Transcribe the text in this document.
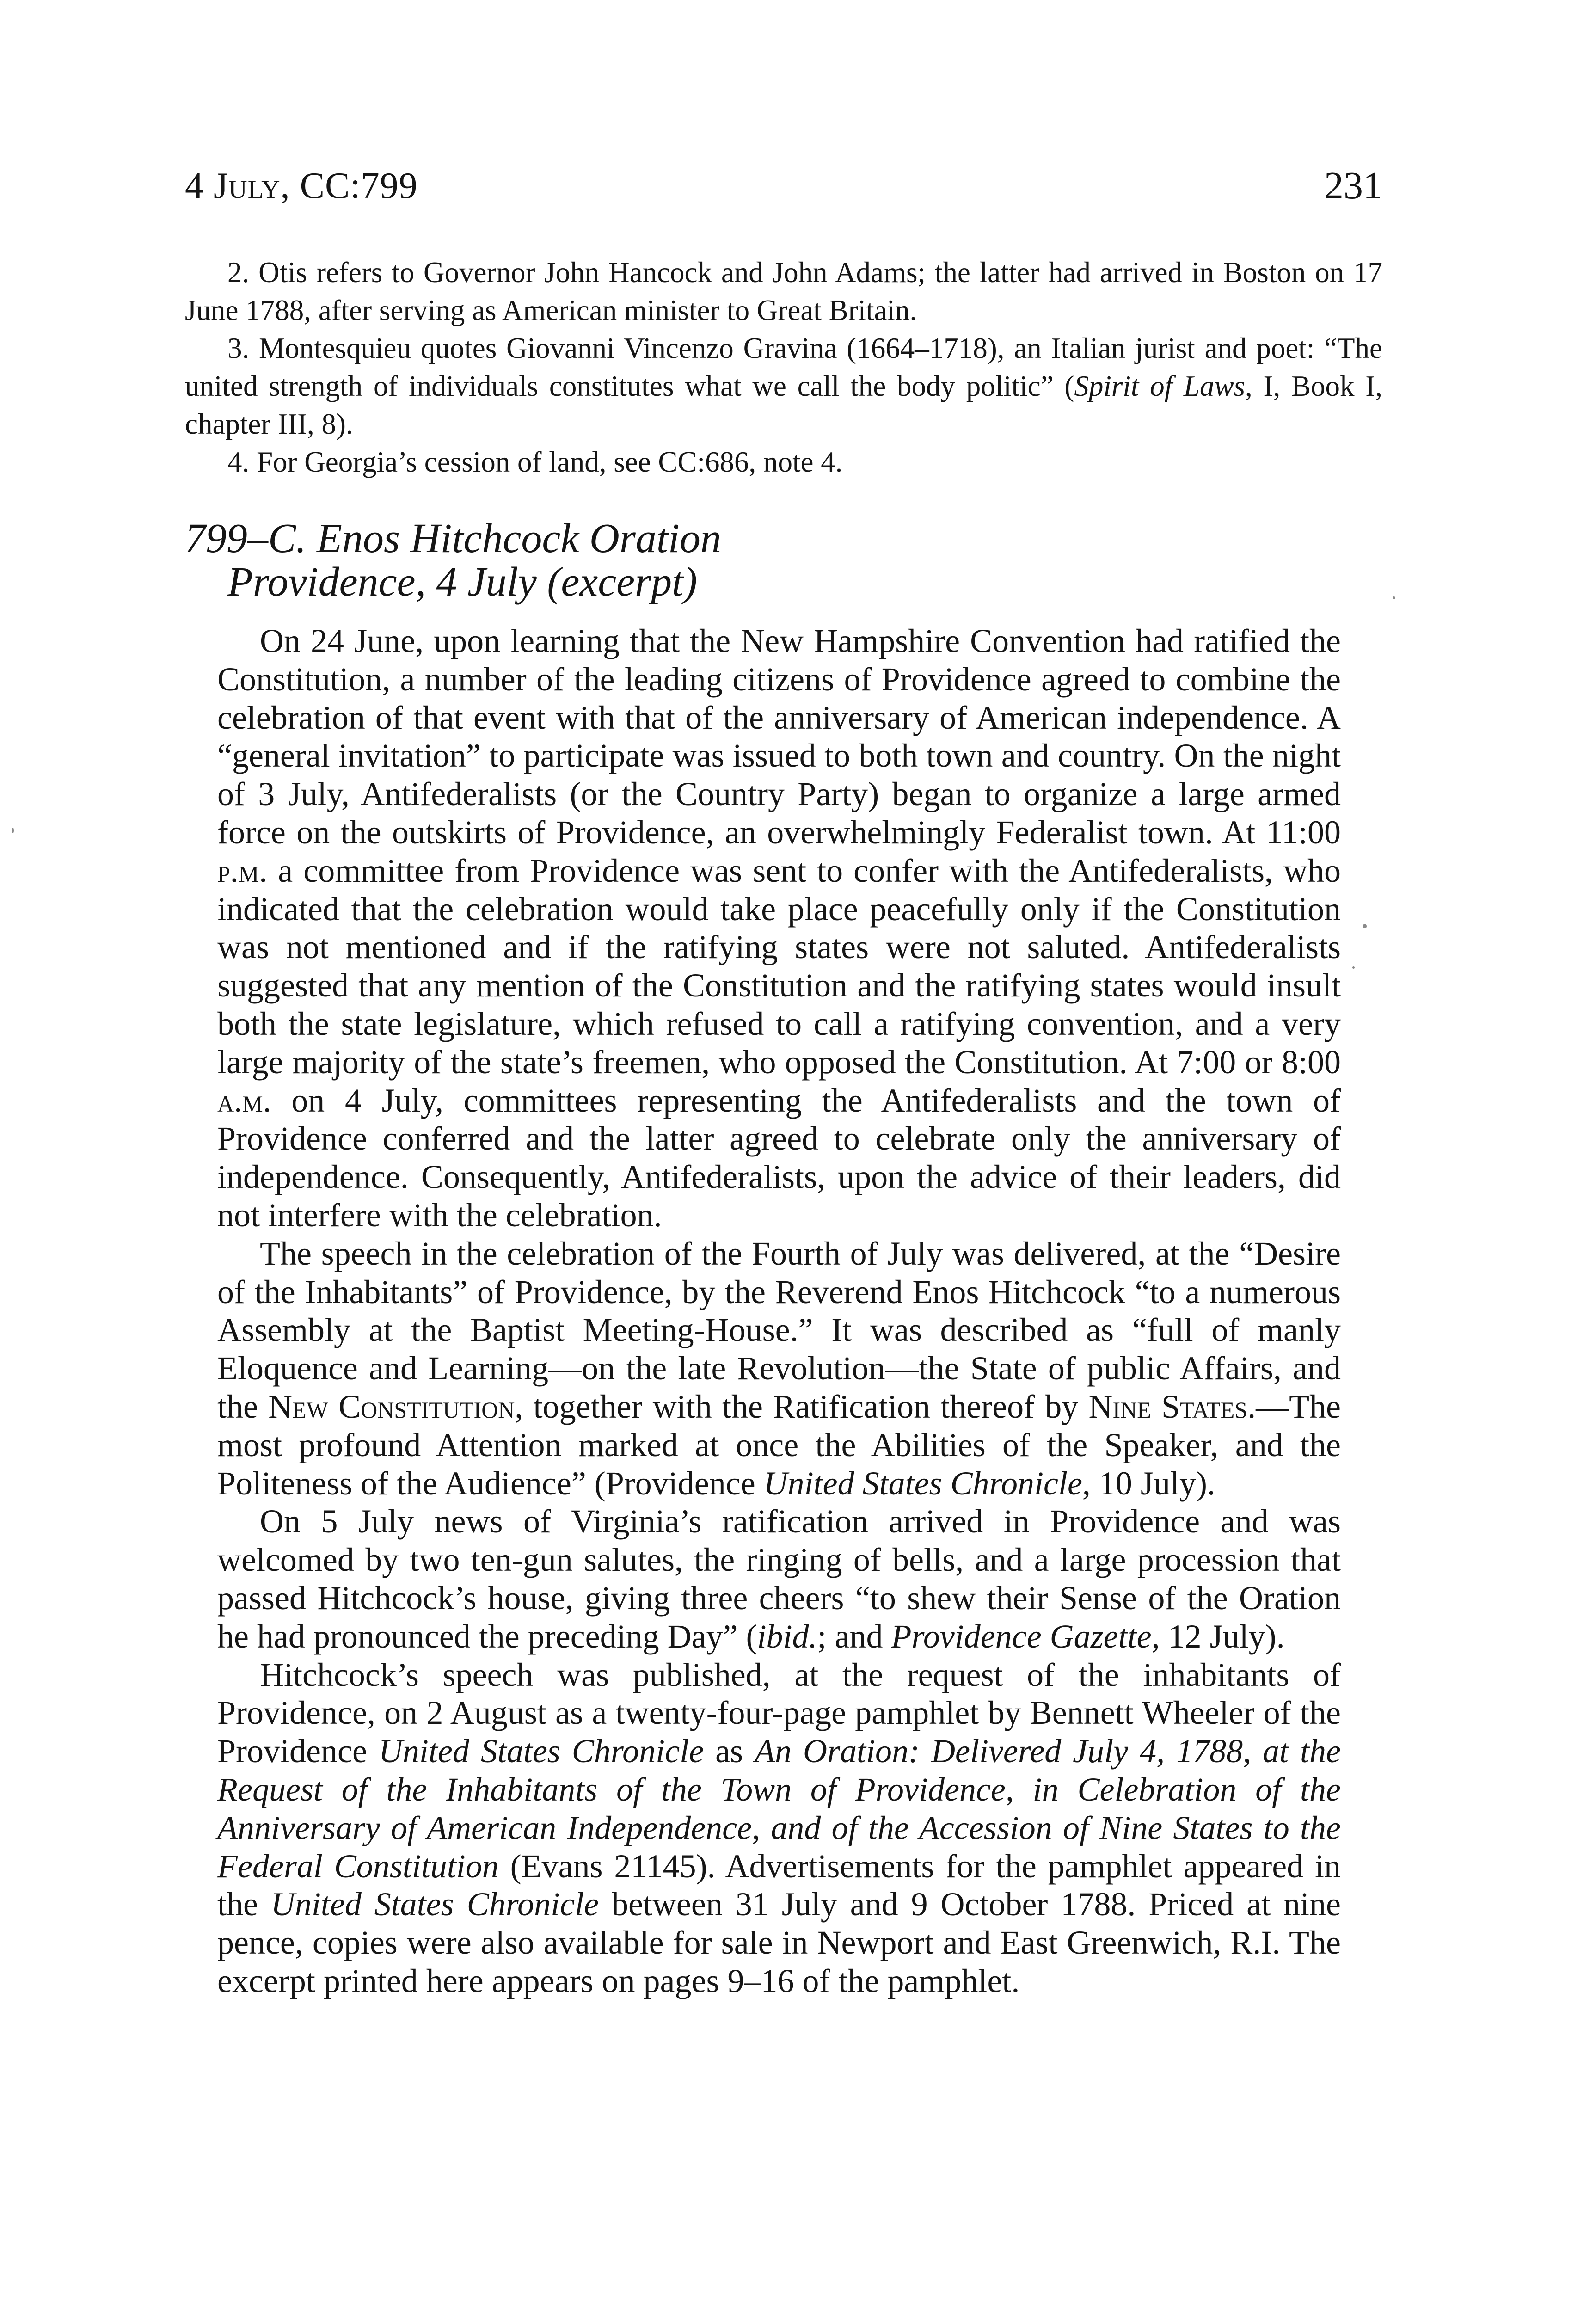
4 July, CC:799	231

2. Otis refers to Governor John Hancock and John Adams; the latter had arrived in Boston on 17 June 1788, after serving as American minister to Great Britain.

3. Montesquieu quotes Giovanni Vincenzo Gravina (1664–1718), an Italian jurist and poet: “The united strength of individuals constitutes what we call the body politic” (Spirit of Laws, I, Book I, chapter III, 8).

4. For Georgia’s cession of land, see CC:686, note 4.

799–C. Enos Hitchcock Oration
Providence, 4 July (excerpt)

On 24 June, upon learning that the New Hampshire Convention had ratified the Constitution, a number of the leading citizens of Providence agreed to combine the celebration of that event with that of the anniversary of American independence. A “general invitation” to participate was issued to both town and country. On the night of 3 July, Antifederalists (or the Country Party) began to organize a large armed force on the outskirts of Providence, an overwhelmingly Federalist town. At 11:00 p.m. a committee from Providence was sent to confer with the Antifederalists, who indicated that the celebration would take place peacefully only if the Constitution was not mentioned and if the ratifying states were not saluted. Antifederalists suggested that any mention of the Constitution and the ratifying states would insult both the state legislature, which refused to call a ratifying convention, and a very large majority of the state’s freemen, who opposed the Constitution. At 7:00 or 8:00 a.m. on 4 July, committees representing the Antifederalists and the town of Providence conferred and the latter agreed to celebrate only the anniversary of independence. Consequently, Antifederalists, upon the advice of their leaders, did not interfere with the celebration.

The speech in the celebration of the Fourth of July was delivered, at the “Desire of the Inhabitants” of Providence, by the Reverend Enos Hitchcock “to a numerous Assembly at the Baptist Meeting-House.” It was described as “full of manly Eloquence and Learning—on the late Revolution—the State of public Affairs, and the New Constitution, together with the Ratification thereof by Nine States.—The most profound Attention marked at once the Abilities of the Speaker, and the Politeness of the Audience” (Providence United States Chronicle, 10 July).

On 5 July news of Virginia’s ratification arrived in Providence and was welcomed by two ten-gun salutes, the ringing of bells, and a large procession that passed Hitchcock’s house, giving three cheers “to shew their Sense of the Oration he had pronounced the preceding Day” (ibid.; and Providence Gazette, 12 July).

Hitchcock’s speech was published, at the request of the inhabitants of Providence, on 2 August as a twenty-four-page pamphlet by Bennett Wheeler of the Providence United States Chronicle as An Oration: Delivered July 4, 1788, at the Request of the Inhabitants of the Town of Providence, in Celebration of the Anniversary of American Independence, and of the Accession of Nine States to the Federal Constitution (Evans 21145). Advertisements for the pamphlet appeared in the United States Chronicle between 31 July and 9 October 1788. Priced at nine pence, copies were also available for sale in Newport and East Greenwich, R.I. The excerpt printed here appears on pages 9–16 of the pamphlet.
